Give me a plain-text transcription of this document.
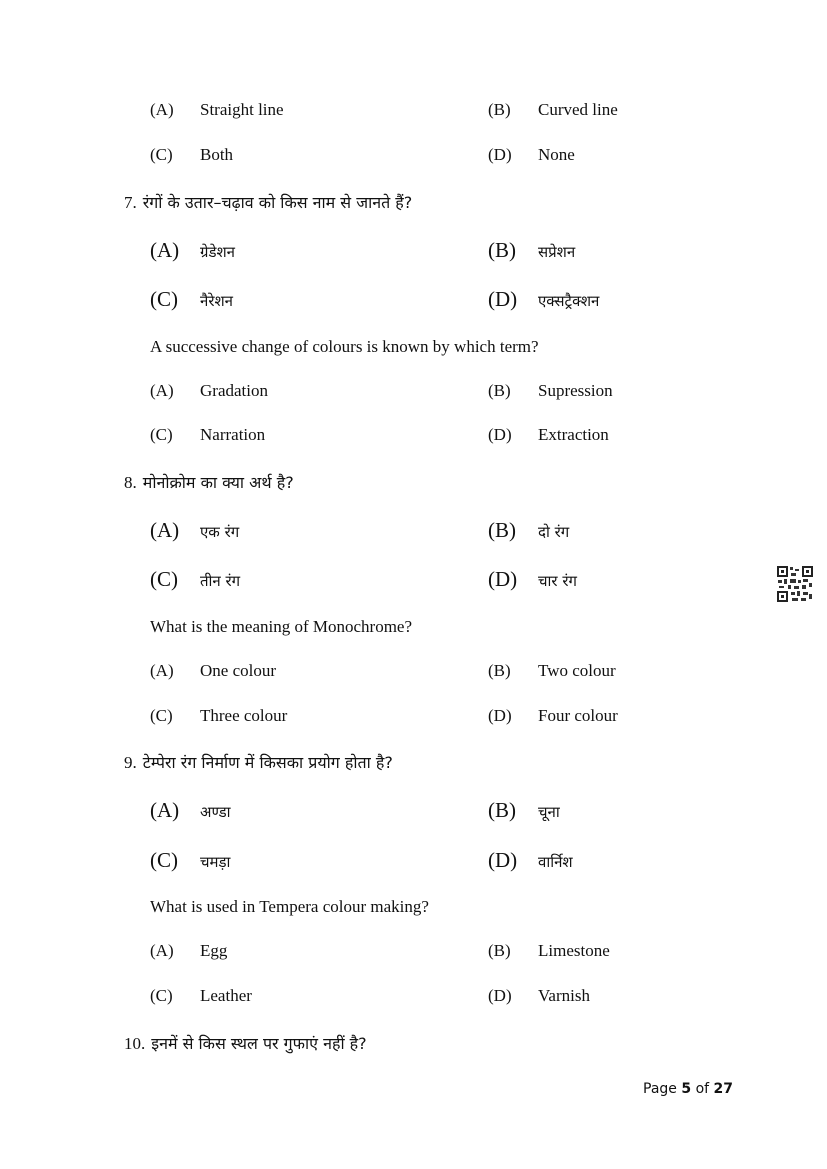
(A)	Straight line	(B)	Curved line
(C)	Both	(D)	None
7. रंगों के उतार–चढ़ाव को किस नाम से जानते हैं?
(A)	ग्रेडेशन	(B)	सप्रेशन
(C)	नैरेशन	(D)	एक्सट्रैक्शन
A successive change of colours is known by which term?
(A)	Gradation	(B)	Supression
(C)	Narration	(D)	Extraction
8. मोनोक्रोम का क्या अर्थ है?
(A)	एक रंग	(B)	दो रंग
(C)	तीन रंग	(D)	चार रंग
What is the meaning of Monochrome?
(A)	One colour	(B)	Two colour
(C)	Three colour	(D)	Four colour
9. टेम्पेरा रंग निर्माण में किसका प्रयोग होता है?
(A)	अण्डा	(B)	चूना
(C)	चमड़ा	(D)	वार्निश
What is used in Tempera colour making?
(A)	Egg	(B)	Limestone
(C)	Leather	(D)	Varnish
10. इनमें से किस स्थल पर गुफाएं नहीं है?
Page 5 of 27
